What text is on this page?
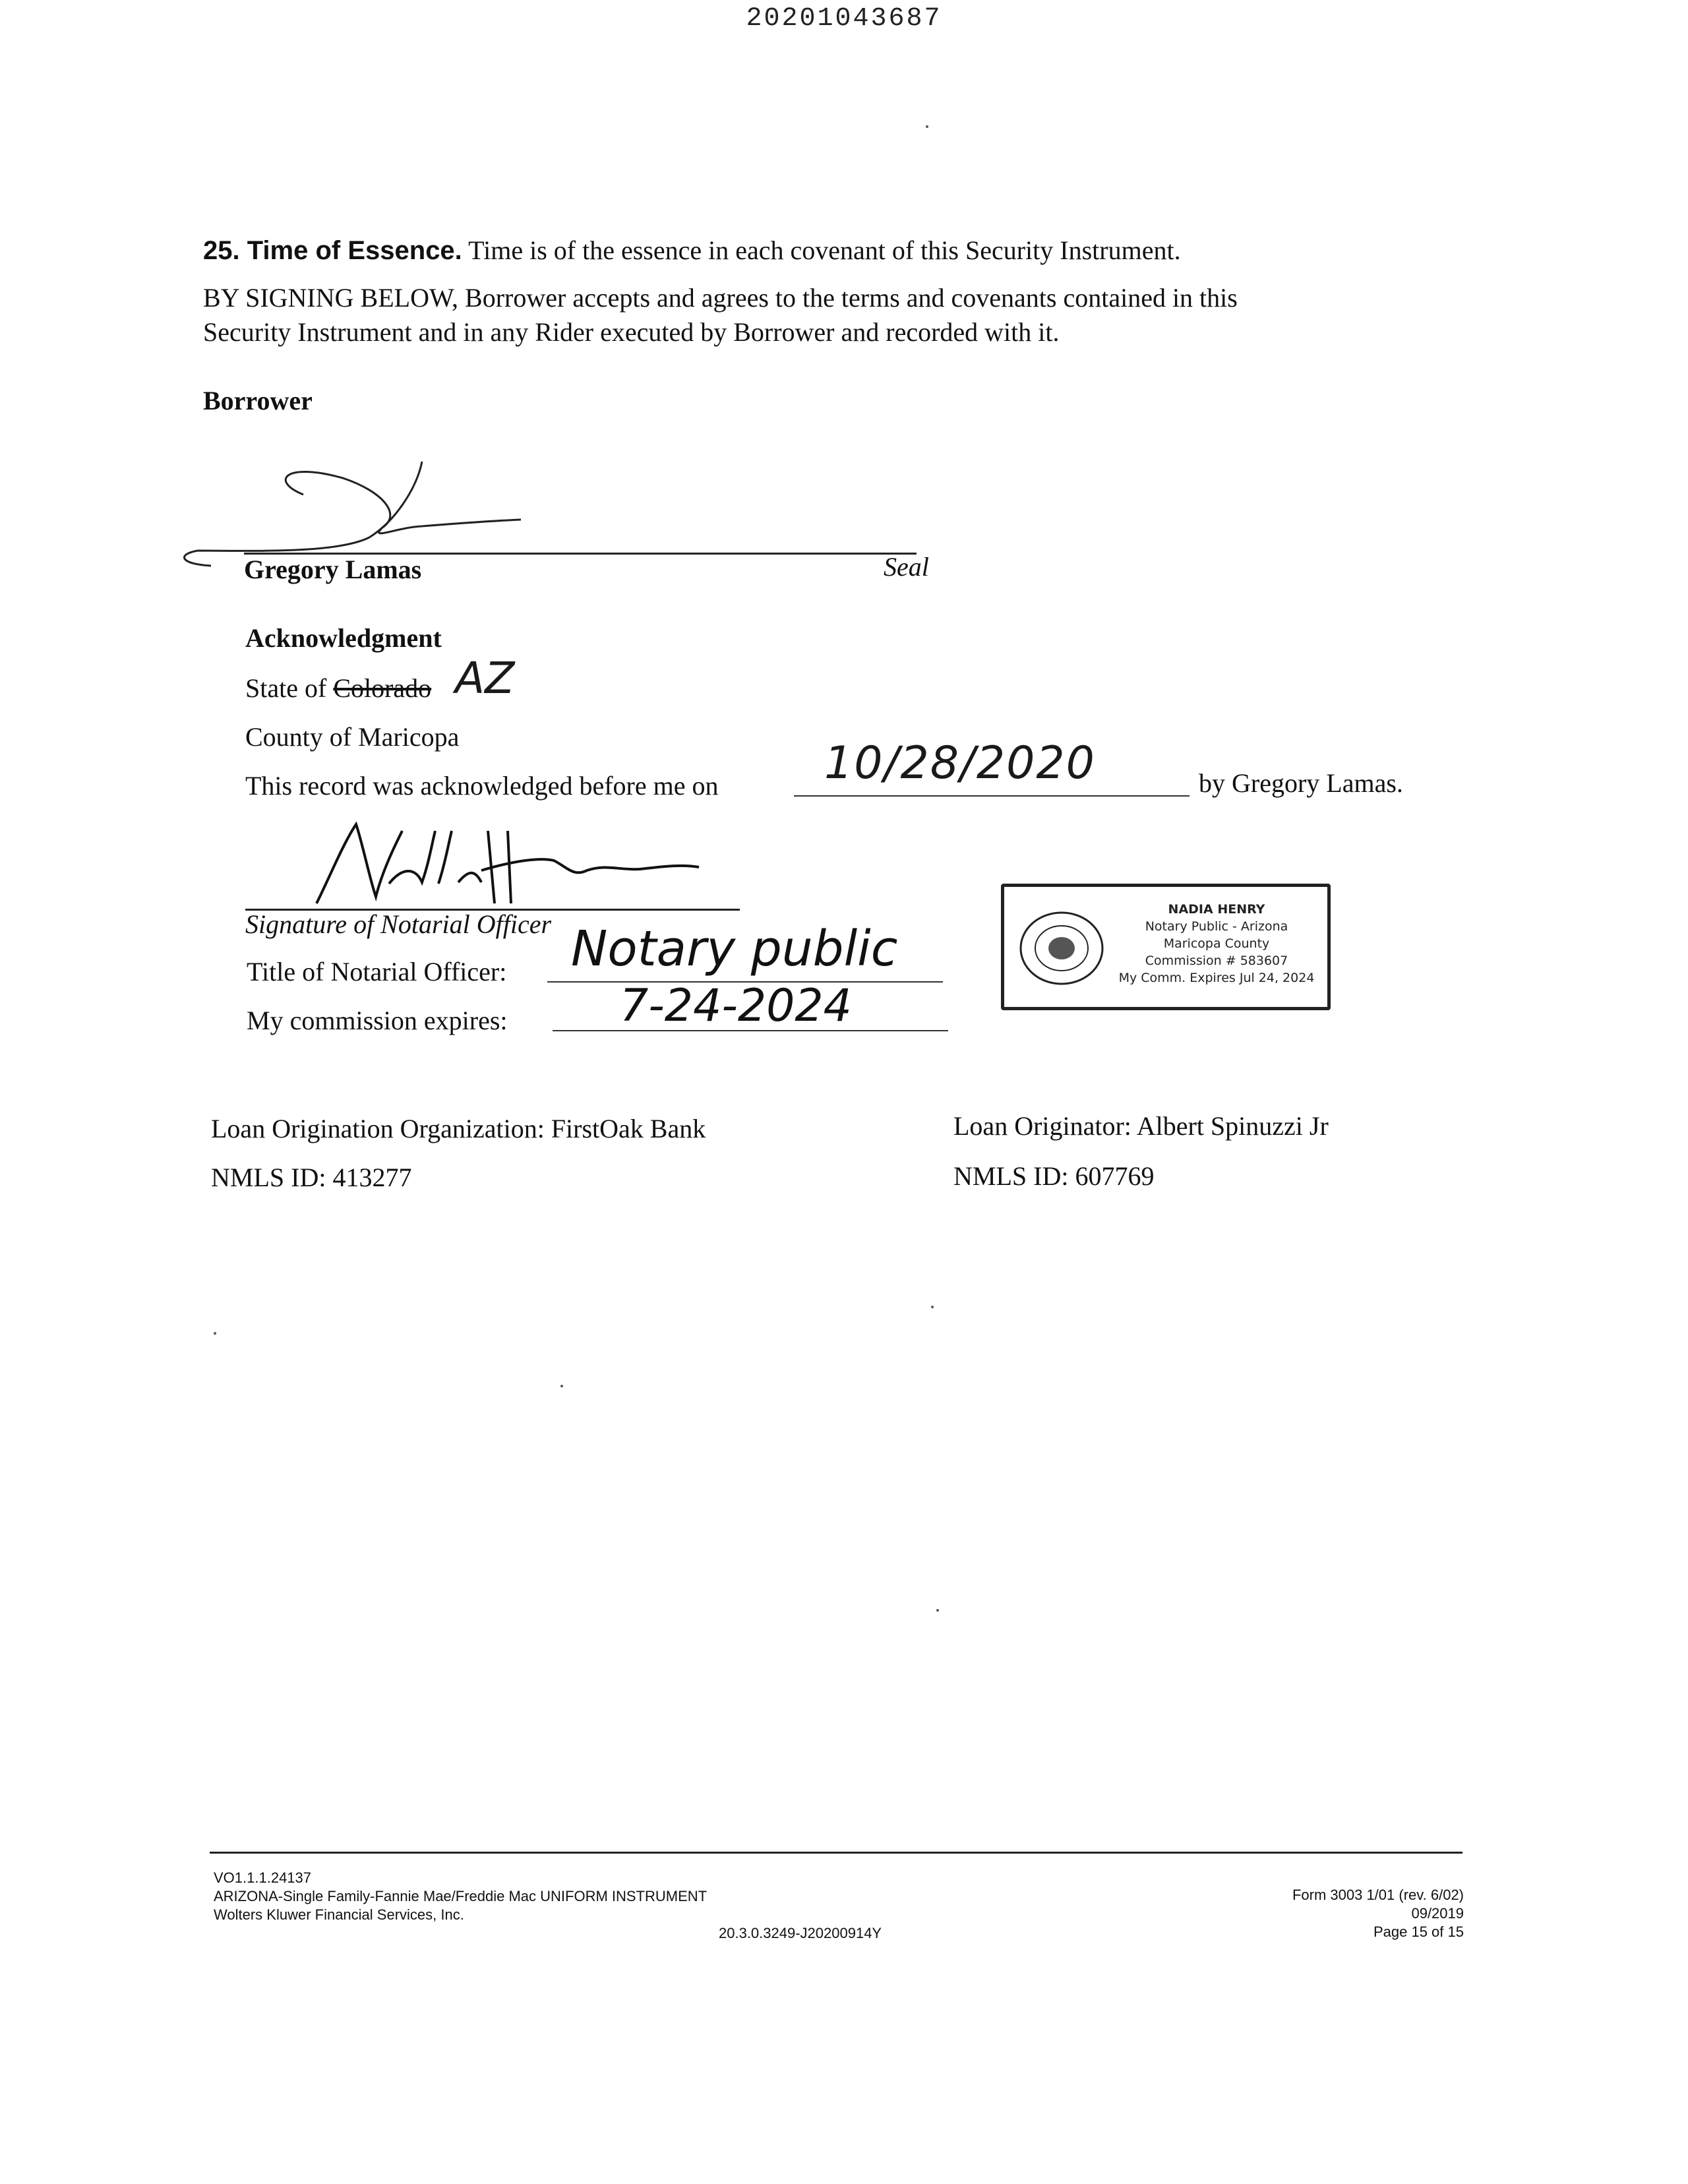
20201043687
25. Time of Essence. Time is of the essence in each covenant of this Security Instrument.
BY SIGNING BELOW, Borrower accepts and agrees to the terms and covenants contained in this
Security Instrument and in any Rider executed by Borrower and recorded with it.
Borrower
Gregory Lamas	Seal
Acknowledgment
State of Colorado AZ
County of Maricopa
This record was acknowledged before me on 10/28/2020	by Gregory Lamas.
Signature of Notarial Officer
Title of Notarial Officer: Notary public
My commission expires:	7-24-2024
NADIA HENRY
Notary Public - Arizona
Maricopa County
Commission # 583607
My Comm. Expires Jul 24, 2024
Loan Origination Organization: FirstOak Bank
NMLS ID: 413277
Loan Originator: Albert Spinuzzi Jr
NMLS ID: 607769
VO1.1.1.24137
ARIZONA-Single Family-Fannie Mae/Freddie Mac UNIFORM INSTRUMENT
Wolters Kluwer Financial Services, Inc.
20.3.0.3249-J20200914Y
Form 3003 1/01 (rev. 6/02)
09/2019
Page 15 of 15
